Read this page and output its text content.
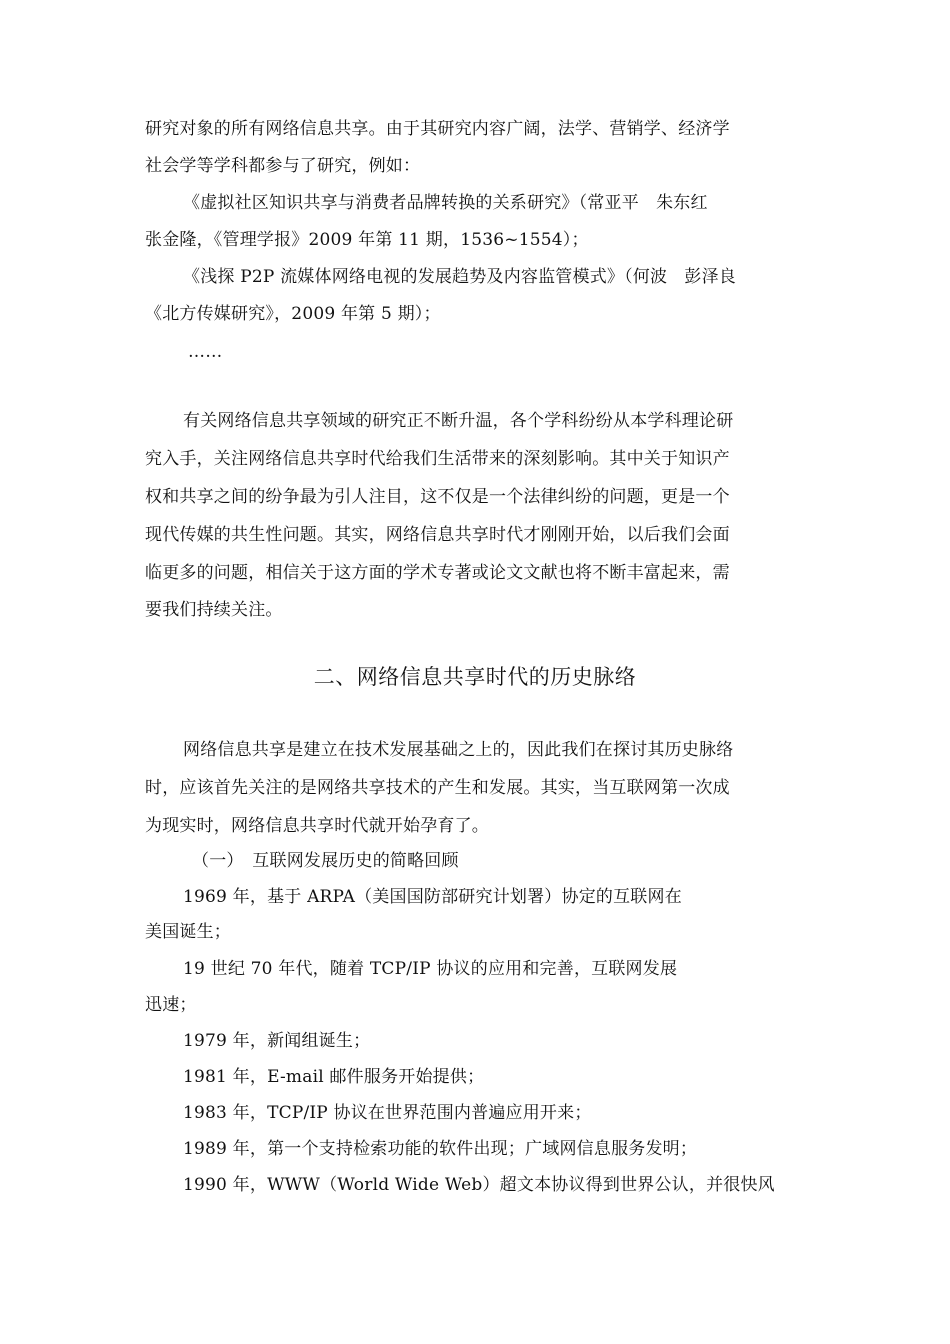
研究对象的所有网络信息共享。由于其研究内容广阔，法学、营销学、经济学
社会学等学科都参与了研究，例如：
《虚拟社区知识共享与消费者品牌转换的关系研究》（常亚平　朱东红
张金隆，《管理学报》2009 年第 11 期，1536~1554）；
《浅探 P2P 流媒体网络电视的发展趋势及内容监管模式》（何波　彭泽良
《北方传媒研究》，2009 年第 5 期）；
……
有关网络信息共享领域的研究正不断升温，各个学科纷纷从本学科理论研
究入手，关注网络信息共享时代给我们生活带来的深刻影响。其中关于知识产
权和共享之间的纷争最为引人注目，这不仅是一个法律纠纷的问题，更是一个
现代传媒的共生性问题。其实，网络信息共享时代才刚刚开始，以后我们会面
临更多的问题，相信关于这方面的学术专著或论文文献也将不断丰富起来，需
要我们持续关注。
二、网络信息共享时代的历史脉络
网络信息共享是建立在技术发展基础之上的，因此我们在探讨其历史脉络
时，应该首先关注的是网络共享技术的产生和发展。其实，当互联网第一次成
为现实时，网络信息共享时代就开始孕育了。
（一）　互联网发展历史的简略回顾
1969 年，基于 ARPA（美国国防部研究计划署）协定的互联网在
美国诞生；
19 世纪 70 年代，随着 TCP/IP 协议的应用和完善，互联网发展
迅速；
1979 年，新闻组诞生；
1981 年，E-mail 邮件服务开始提供；
1983 年，TCP/IP 协议在世界范围内普遍应用开来；
1989 年，第一个支持检索功能的软件出现；广域网信息服务发明；
1990 年，WWW（World Wide Web）超文本协议得到世界公认，并很快风
